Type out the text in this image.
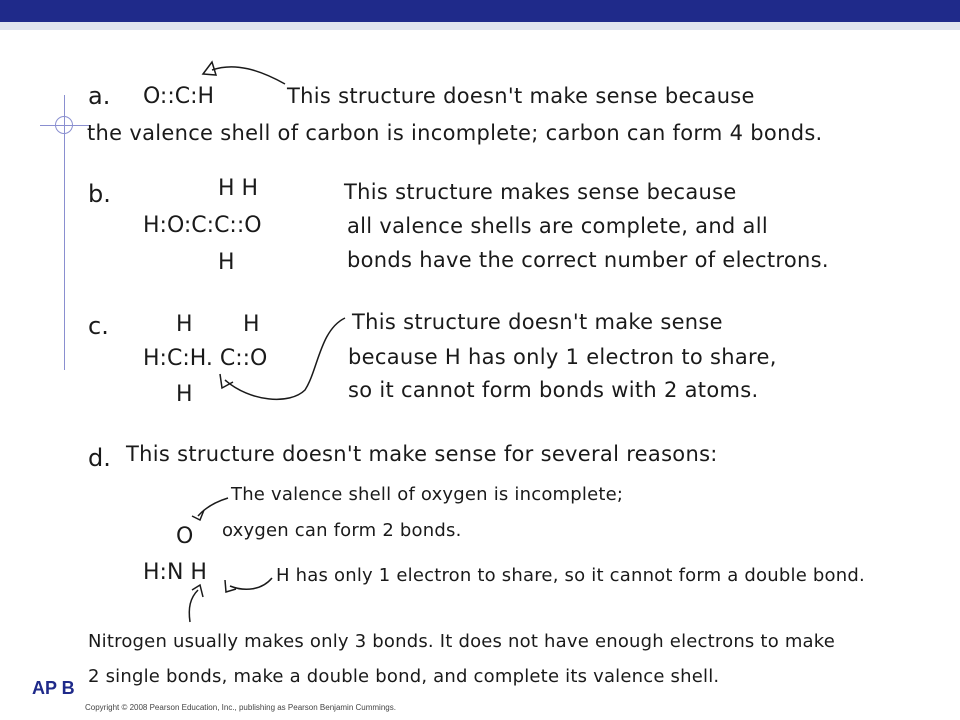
a. O::C:H	This structure doesn't make sense because
the valence shell of carbon is incomplete; carbon can form 4 bonds.
b.	H H
H:O:C:C::O
H
This structure makes sense because
all valence shells are complete, and all
bonds have the correct number of electrons.
c.	H H
H:C:H. C::O
H
This structure doesn't make sense
because H has only 1 electron to share,
so it cannot form bonds with 2 atoms.
d. This structure doesn't make sense for several reasons:
O
The valence shell of oxygen is incomplete;
oxygen can form 2 bonds.
H:N H	H has only 1 electron to share, so it cannot form a double bond.
Nitrogen usually makes only 3 bonds. It does not have enough electrons to make
2 single bonds, make a double bond, and complete its valence shell.
AP B
Copyright © 2008 Pearson Education, Inc., publishing as Pearson Benjamin Cummings.
